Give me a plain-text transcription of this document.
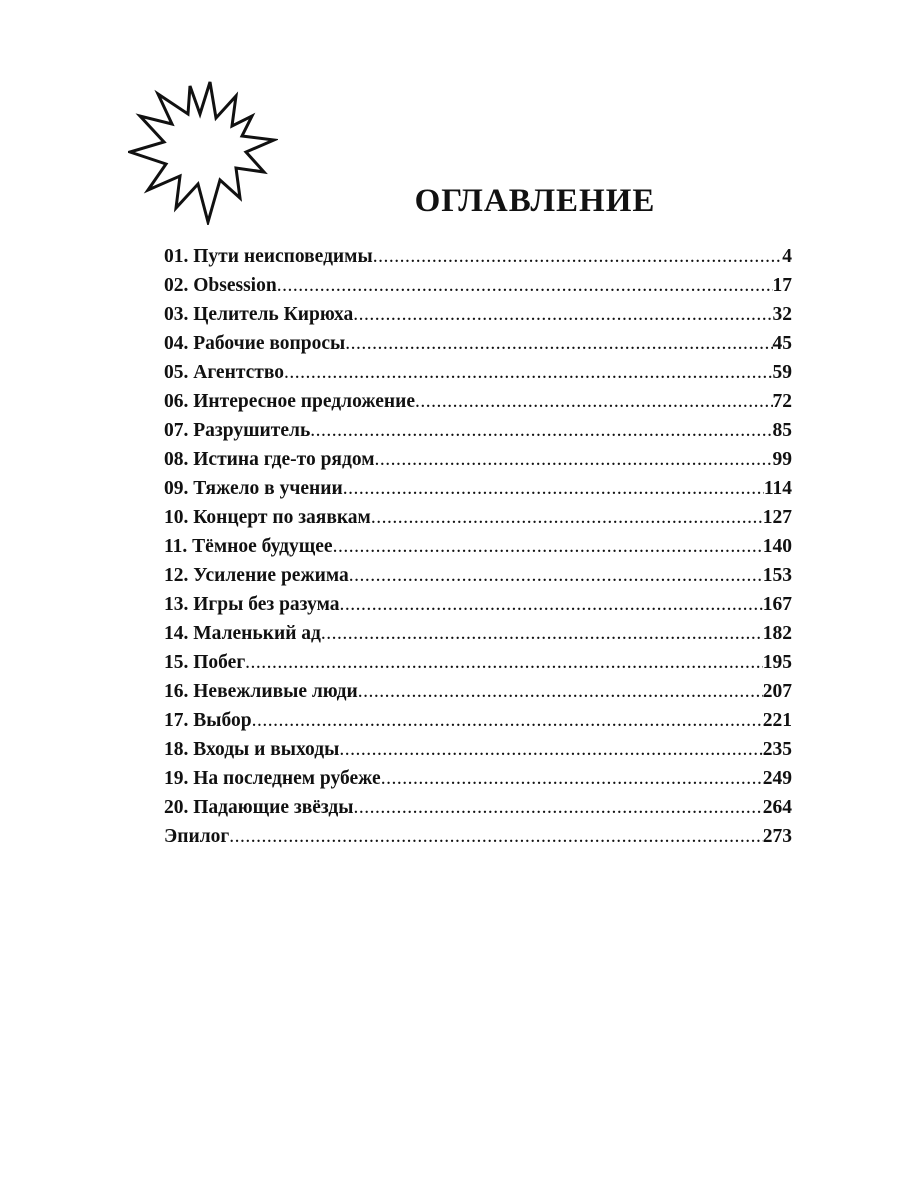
ОГЛАВЛЕНИЕ
01. Пути неисповедимы .....	4
02. Obsession .....	17
03. Целитель Кирюха .....	32
04. Рабочие вопросы .....	45
05. Агентство .....	59
06. Интересное предложение .....	72
07. Разрушитель .....	85
08. Истина где-то рядом .....	99
09. Тяжело в учении .....	114
10. Концерт по заявкам .....	127
11. Тёмное будущее .....	140
12. Усиление режима .....	153
13. Игры без разума .....	167
14. Маленький ад .....	182
15. Побег .....	195
16. Невежливые люди .....	207
17. Выбор .....	221
18. Входы и выходы .....	235
19. На последнем рубеже .....	249
20. Падающие звёзды .....	264
Эпилог .....	273
